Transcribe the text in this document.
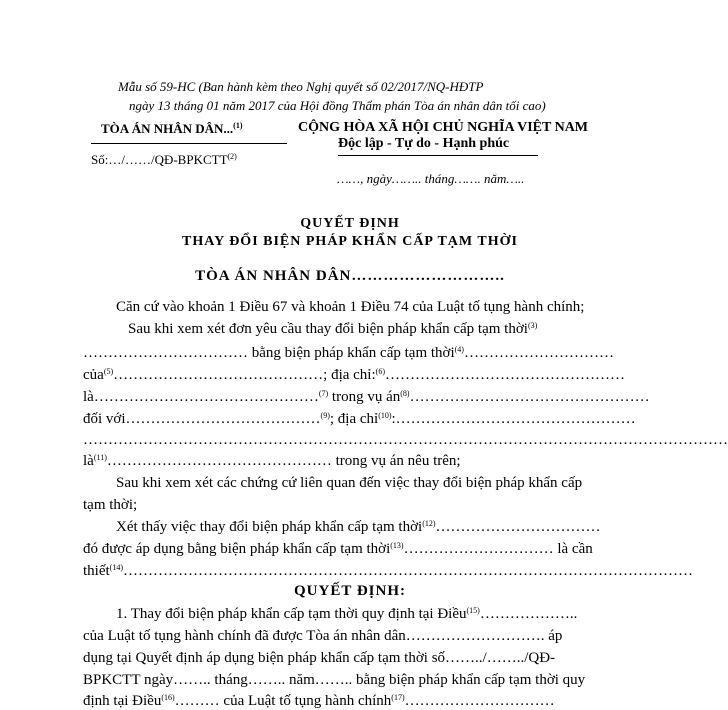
Mẫu số 59-HC (Ban hành kèm theo Nghị quyết số 02/2017/NQ-HĐTP
ngày 13 tháng 01 năm 2017 của Hội đồng Thẩm phán Tòa án nhân dân tối cao)
TÒA ÁN NHÂN DÂN...$^{(1)}$
Số:…/……/QĐ-BPKCTT$^{(2)}$
CỘNG HÒA XÃ HỘI CHỦ NGHĨA VIỆT NAM
Độc lập - Tự do - Hạnh phúc
……, ngày…….. tháng……. năm…..
QUYẾT ĐỊNH
THAY ĐỔI BIỆN PHÁP KHẨN CẤP TẠM THỜI
TÒA ÁN NHÂN DÂN………………………..
Căn cứ vào khoản 1 Điều 67 và khoản 1 Điều 74 của Luật tố tụng hành chính;
Sau khi xem xét đơn yêu cầu thay đổi biện pháp khẩn cấp tạm thời$^{(3)}$
…………………………… bằng biện pháp khẩn cấp tạm thời$^{(4)}$…………………………
của$^{(5)}$……………………………………; địa chỉ:$^{(6)}$…………………………………………
là………………………………………$^{(7)}$ trong vụ $án^{(8)}\dots\dots\dots\dots\dots\dots\dots\dots\dots\dots\dots\dots\dots\dots\dots\dots$
đối với…………………………………$^{(9)}$; địa chỉ$^{(10)}$:…………………………………………
…………………………………………………………………………………………………………………
$là^{(11)}\dots\dots\dots\dots\dots\dots\dots\dots\dots\dots\dots\dots\dots\dots\dots$ trong vụ án nêu trên;
Sau khi xem xét các chứng cứ liên quan đến việc thay đổi biện pháp khẩn cấp
tạm thời;
Xét thấy việc thay đổi biện pháp khẩn cấp tạm thời$^{(12)}$……………………………
đó được áp dụng bằng biện pháp khẩn cấp tạm thời$^{(13)}$………………………… là cần
thiết$^{(14)}$……………………………………………………………………………………………………
QUYẾT ĐỊNH:
1. Thay đổi biện pháp khẩn cấp tạm thời quy định tại Điều$^{(15)}$………………..
của Luật tố tụng hành chính đã được Tòa án nhân dân………………………. áp
dụng tại Quyết định áp dụng biện pháp khẩn cấp tạm thời số……../……../QĐ-
BPKCTT ngày…….. tháng…….. năm…….. bằng biện pháp khẩn cấp tạm thời quy
định tại Điều$^{(16)}$……… của Luật tố tụng hành chính$^{(17)}$…………………………
